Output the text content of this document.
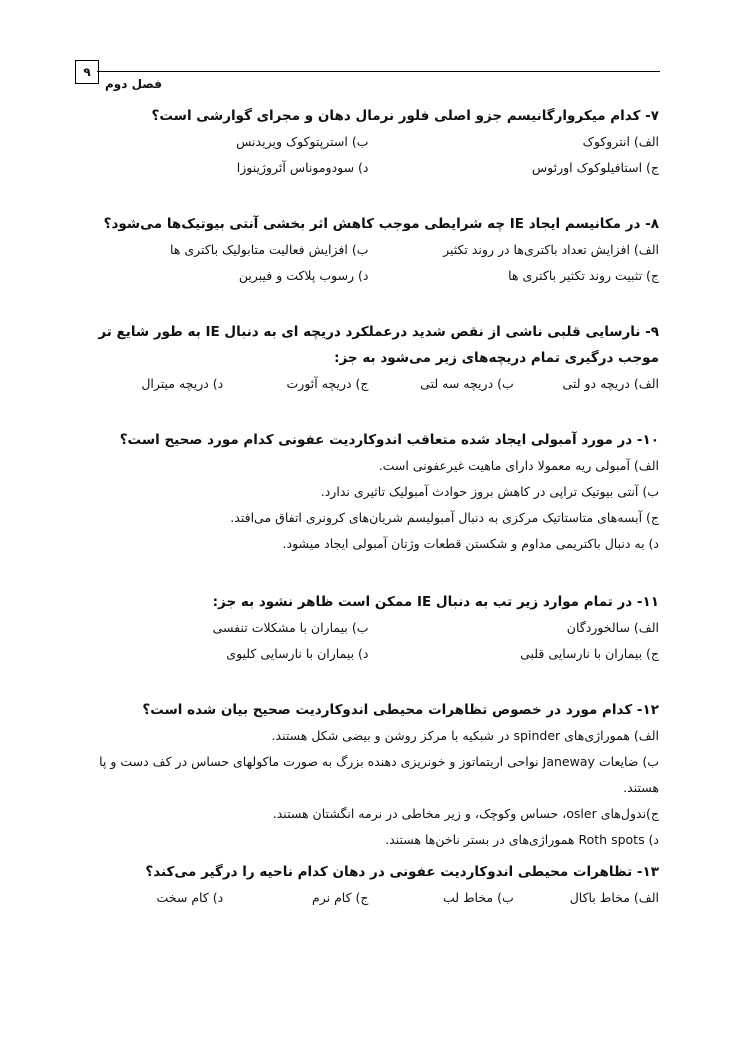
۹
فصل دوم
۷- کدام میکروارگانیسم جزو اصلی فلور نرمال دهان و مجرای گوارشی است؟
الف) انتروکوک
ب) استرپتوکوک ویریدنس
ج) استافیلوکوک اورئوس
د) سودوموناس آئروژینوزا
۸- در مکانیسم ایجاد IE چه شرایطی موجب کاهش اثر بخشی آنتی بیوتیک‌ها می‌شود؟
الف) افزایش تعداد باکتری‌ها در روند تکثیر
ب) افزایش فعالیت متابولیک باکتری ها
ج) تثبیت روند تکثیر باکتری ها
د) رسوب پلاکت و فیبرین
۹- نارسایی قلبی ناشی از نقص شدید درعملکرد دریچه ای به دنبال IE به طور شایع تر موجب درگیری تمام دریچه‌های زیر می‌شود به جز:
الف) دریچه دو لتی
ب) دریچه سه لتی
ج) دریچه آئورت
د) دریچه میترال
۱۰- در مورد آمبولی ایجاد شده متعاقب اندوکاردیت عفونی کدام مورد صحیح است؟
الف) آمبولی ریه معمولا دارای ماهیت غیرعفونی است.
ب) آنتی بیوتیک تراپی در کاهش بروز حوادث آمبولیک تاثیری ندارد.
ج) آبسه‌های متاستاتیک مرکزی به دنبال آمبولیسم شریان‌های کرونری اتفاق می‌افتد.
د) به دنبال باکتریمی مداوم و شکستن قطعات وژتان آمبولی ایجاد میشود.
۱۱- در تمام موارد زیر تب به دنبال IE ممکن است ظاهر نشود به جز:
الف) سالخوردگان
ب) بیماران با مشکلات تنفسی
ج) بیماران با نارسایی قلبی
د) بیماران با نارسایی کلیوی
۱۲- کدام مورد در خصوص تظاهرات محیطی اندوکاردیت صحیح بیان شده است؟
الف) همورا‌ژی‌های spinder در شبکیه با مرکز روشن و بیضی شکل هستند.
ب) ضایعات Janeway نواحی اریتماتوز و خونریزی دهنده بزرگ به صورت ماکولهای حساس در کف دست و پا هستند.
ج)ندول‌های osler، حساس وکوچک، و زیر مخاطی در نرمه انگشتان هستند.
د) Roth spots همورا‌ژی‌های در بستر ناخن‌ها هستند.
۱۳- تظاهرات محیطی اندوکاردیت عفونی در دهان کدام ناحیه را درگیر می‌کند؟
الف) مخاط باکال
ب) مخاط لب
ج) کام نرم
د) کام سخت
